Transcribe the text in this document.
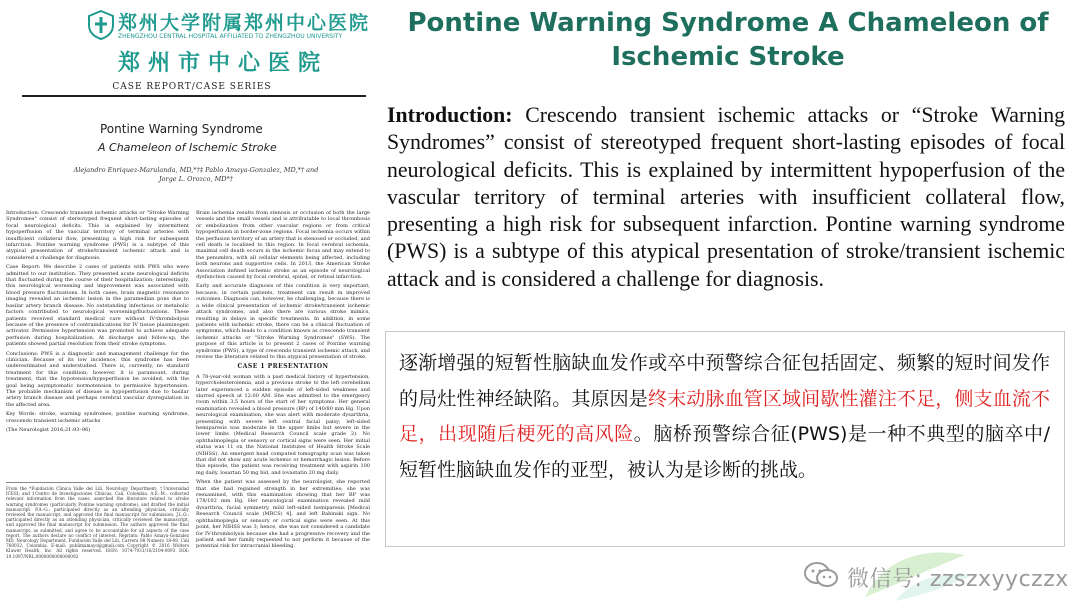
郑州大学附属郑州中心医院
ZHENGZHOU CENTRAL HOSPITAL AFFILIATED TO ZHENGZHOU UNIVERSITY
郑州市中心医院
CASE REPORT/CASE SERIES
Pontine Warning Syndrome
A Chameleon of Ischemic Stroke
Alejandro Enriquez-Marulanda, MD,*†‡ Pablo Amaya-Gonzalez, MD,*† and Jorge L. Orozco, MD*†

Introduction: Crescendo transient ischemic attacks or "Stroke Warning Syndromes" consist of stereotyped frequent short-lasting episodes of focal neurological deficits. This is explained by intermittent hypoperfusion of the vascular territory of terminal arteries with insufficient collateral flow, presenting a high risk for subsequent infarction. Pontine warning syndrome (PWS) is a subtype of this atypical presentation of stroke/transient ischemic attack and is considered a challenge for diagnosis.

Case Report: We describe 2 cases of patients with PWS who were admitted to our institution. They presented acute neurological deficits that fluctuated during the course of their hospitalization; interestingly, this neurological worsening and improvement was associated with blood pressure fluctuations. In both cases, brain magnetic resonance imaging revealed an ischemic lesion in the paramedian pons due to basilar artery branch disease. No outstanding infectious or metabolic factors contributed to neurological worsening/fluctuations. These patients received standard medical care without IV-thrombolysis because of the presence of contraindications for IV tissue plasminogen activator. Permissive hypertension was promoted to achieve adequate perfusion during hospitalization. At discharge and follow-up, the patients showed partial resolution from their stroke symptoms.

Conclusions: PWS is a diagnostic and management challenge for the clinician. Because of its low incidence, this syndrome has been underestimated and understudied. There is, currently, no standard treatment for this condition; however, it is paramount, during treatment, that the hypotension/hypoperfusion be avoided, with the goal being asymptomatic normotension to permissive hypertension. The probable mechanism of disease is hypoperfusion due to basilar artery branch disease and perhaps cerebral vascular dysregulation in the affected area.

Key Words: stroke, warning syndromes, pontine warning syndrome, crescendo transient ischemic attacks

(The Neurologist 2016;21:93–96)

From the *Fundación Clínica Valle del Lili, Neurology Department; †Universidad ICESI; and ‡Centro de Investigaciones Clínicas, Cali, Colombia. A.E.-M.: collected relevant information from the cases, searched the literature related to stroke warning syndromes (particularly Pontine warning syndrome), and drafted the initial manuscript. P.A.-G.: participated directly as an attending physician, critically reviewed the manuscript, and approved the final manuscript for submission. J.L.O.: participated directly as an attending physician, critically reviewed the manuscript, and approved the final manuscript for submission. The authors approved the final manuscript, as submitted, and agree to be accountable for all aspects of the case report. The authors declare no conflict of interest. Reprints: Pablo Amaya-Gonzalez MD, Neurology Department, Fundación Valle del Lili, Carrera 98 Numero 18-49, Cali 760032, Colombia. E-mail: publimamayo@gmail.com Copyright © 2016 Wolters Kluwer Health, Inc. All rights reserved. ISSN: 1074-7931/16/2104-0093 DOI: 10.1097/NRL.0000000000000092

Brain ischemia results from stenosis or occlusion of both the large vessels and the small vessels and is attributable to local thrombosis or embolization from other vascular regions or from critical hypoperfusion in border-zone regions. Focal ischemia occurs within the perfusion territory of an artery that is stenosed or occluded, and cell death is localized to this region. In focal cerebral ischemia, maximal cell death occurs in the ischemic focus and may extend to the penumbra, with all cellular elements being affected, including both neurons and supportive cells. In 2013, the American Stroke Association defined ischemic stroke as an episode of neurological dysfunction caused by focal cerebral, spinal, or retinal infarction.

Early and accurate diagnosis of this condition is very important, because, in certain patients, treatment can result in improved outcomes. Diagnosis can, however, be challenging, because there is a wide clinical presentation of ischemic stroke/transient ischemic attack syndromes, and also there are various stroke mimics, resulting in delays in specific treatments. In addition, in some patients with ischemic stroke, there can be a clinical fluctuation of symptoms, which leads to a condition known as crescendo transient ischemic attacks or "Stroke Warning Syndromes" (SWS). The purpose of this article is to present 2 cases of Pontine warning syndrome (PWS), a type of crescendo transient ischemic attack, and review the literature related to this atypical presentation of stroke.

CASE 1 PRESENTATION

A 78-year-old woman with a past medical history of hypertension, hypercholesterolemia, and a previous stroke to the left cerebellum later experienced a sudden episode of left-sided weakness and slurred speech at 12:00 AM. She was admitted to the emergency room within 3.5 hours of the start of her symptoms. Her general examination revealed a blood pressure (BP) of 140/80 mm Hg. Upon neurological examination, she was alert with moderate dysarthria, presenting with severe left central facial palsy; left-sided hemiparesis was moderate in the upper limbs but severe in the lower limbs (Medical Research Council scale grade 2). No ophthalmoplegia or sensory or cortical signs were seen. Her initial status was 11 on the National Institutes of Health Stroke Scale (NIHSS). An emergent head computed tomography scan was taken that did not show any acute ischemic or hemorrhagic lesion. Before this episode, the patient was receiving treatment with aspirin 100 mg daily, losartan 50 mg bid, and lovastatin 20 mg daily.

When the patient was assessed by the neurologist, she reported that she had regained strength in her extremities; she was reexamined, with this examination showing that her BP was 178/102 mm Hg. Her neurological examination revealed mild dysarthria, facial symmetry, mild left-sided hemiparesis [Medical Research Council scale (MRCS) 4], and left Babinski sign. No ophthalmoplegia or sensory or cortical signs were seen. At this point, her NIHSS was 3; hence, she was not considered a candidate for IV-thrombolysis because she had a progressive recovery and the patient and her family requested to not perform it because of the potential risk for intracranial bleeding.

Pontine Warning Syndrome A Chameleon of Ischemic Stroke
Introduction: Crescendo transient ischemic attacks or “Stroke Warning Syndromes” consist of stereotyped frequent short-lasting episodes of focal neurological deficits. This is explained by intermittent hypoperfusion of the vascular territory of terminal arteries with insufficient collateral flow, presenting a high risk for subsequent infarction. Pontine warning syndrome (PWS) is a subtype of this atypical presentation of stroke/transient ischemic attack and is considered a challenge for diagnosis.
逐渐增强的短暂性脑缺血发作或卒中预警综合征包括固定、频繁的短时间发作的局灶性神经缺陷。其原因是终末动脉血管区域间歇性灌注不足，侧支血流不足，出现随后梗死的高风险。脑桥预警综合征(PWS)是一种不典型的脑卒中/短暂性脑缺血发作的亚型，被认为是诊断的挑战。
微信号: zzszxyyczzx
